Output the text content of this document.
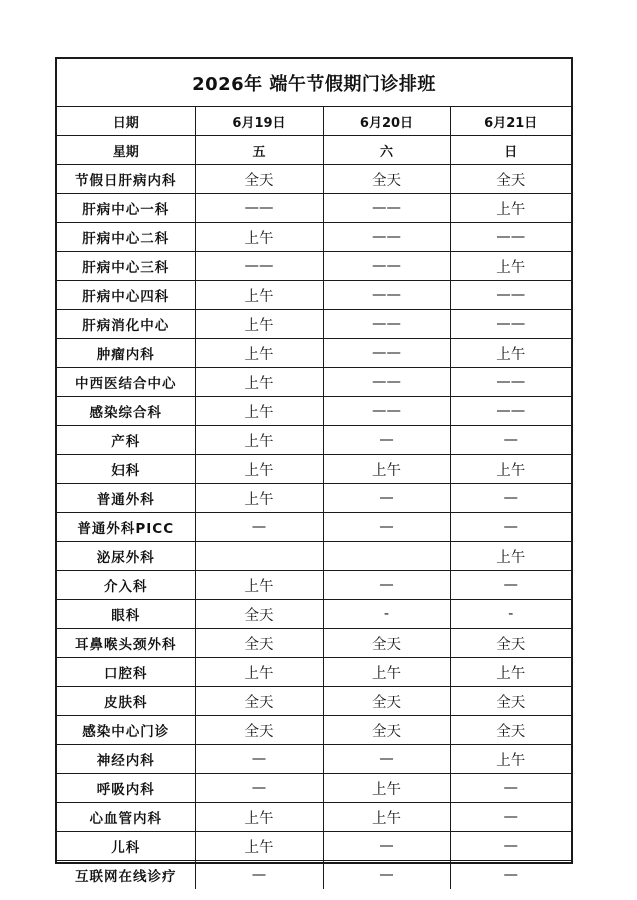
2026年 端午节假期门诊排班
日期	6月19日	6月20日	6月21日
星期	五	六	日
节假日肝病内科	全天	全天	全天
肝病中心一科	——	——	上午
肝病中心二科	上午	——	——
肝病中心三科	——	——	上午
肝病中心四科	上午	——	——
肝病消化中心	上午	——	——
肿瘤内科	上午	——	上午
中西医结合中心	上午	——	——
感染综合科	上午	——	——
产科	上午	—	—
妇科	上午	上午	上午
普通外科	上午	—	—
普通外科PICC	—	—	—
泌尿外科			上午
介入科	上午	—	—
眼科	全天	-	-
耳鼻喉头颈外科	全天	全天	全天
口腔科	上午	上午	上午
皮肤科	全天	全天	全天
感染中心门诊	全天	全天	全天
神经内科	—	—	上午
呼吸内科	—	上午	—
心血管内科	上午	上午	—
儿科	上午	—	—
互联网在线诊疗	—	—	—
